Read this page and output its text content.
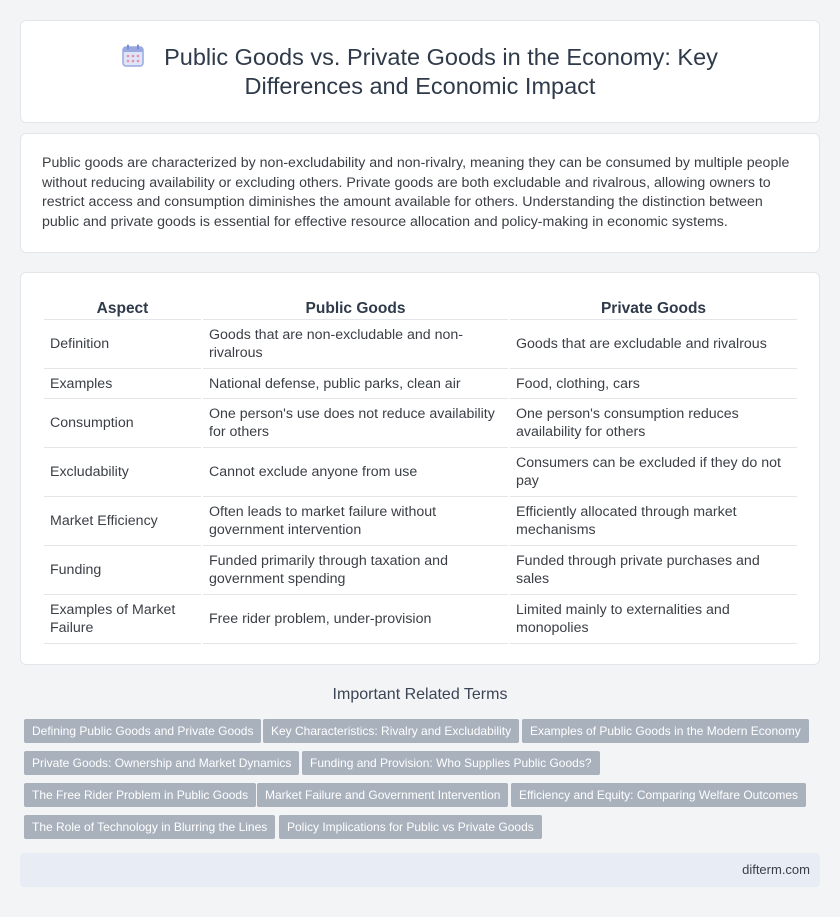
Public Goods vs. Private Goods in the Economy: Key Differences and Economic Impact

Public goods are characterized by non-excludability and non-rivalry, meaning they can be consumed by multiple people without reducing availability or excluding others. Private goods are both excludable and rivalrous, allowing owners to restrict access and consumption diminishes the amount available for others. Understanding the distinction between public and private goods is essential for effective resource allocation and policy-making in economic systems.

Aspect	Public Goods	Private Goods
Definition	Goods that are non-excludable and non-rivalrous	Goods that are excludable and rivalrous
Examples	National defense, public parks, clean air	Food, clothing, cars
Consumption	One person's use does not reduce availability for others	One person's consumption reduces availability for others
Excludability	Cannot exclude anyone from use	Consumers can be excluded if they do not pay
Market Efficiency	Often leads to market failure without government intervention	Efficiently allocated through market mechanisms
Funding	Funded primarily through taxation and government spending	Funded through private purchases and sales
Examples of Market Failure	Free rider problem, under-provision	Limited mainly to externalities and monopolies
Important Related Terms
Defining Public Goods and Private Goods	Key Characteristics: Rivalry and Excludability	Examples of Public Goods in the Modern Economy
Private Goods: Ownership and Market Dynamics	Funding and Provision: Who Supplies Public Goods?
The Free Rider Problem in Public Goods	Market Failure and Government Intervention	Efficiency and Equity: Comparing Welfare Outcomes
The Role of Technology in Blurring the Lines	Policy Implications for Public vs Private Goods
difterm.com
